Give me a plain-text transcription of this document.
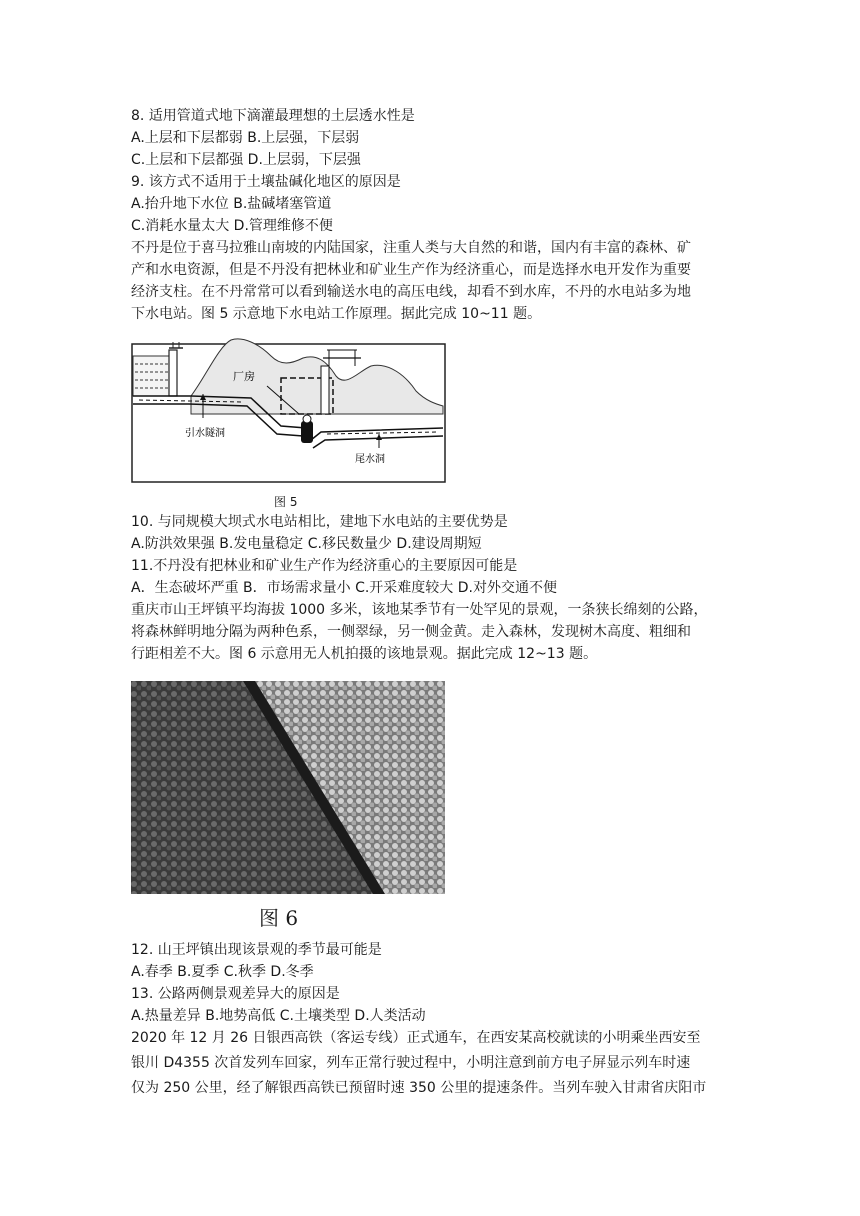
8. 适用管道式地下滴灌最理想的土层透水性是
A.上层和下层都弱 B.上层强，下层弱
C.上层和下层都强 D.上层弱，下层强
9. 该方式不适用于土壤盐碱化地区的原因是
A.抬升地下水位 B.盐碱堵塞管道
C.消耗水量太大 D.管理维修不便
不丹是位于喜马拉雅山南坡的内陆国家，注重人类与大自然的和谐，国内有丰富的森林、矿
产和水电资源，但是不丹没有把林业和矿业生产作为经济重心，而是选择水电开发作为重要
经济支柱。在不丹常常可以看到输送水电的高压电线，却看不到水库，不丹的水电站多为地
下水电站。图 5 示意地下水电站工作原理。据此完成 10~11 题。
厂房
引水隧洞
尾水洞
图 5
10. 与同规模大坝式水电站相比，建地下水电站的主要优势是
A.防洪效果强 B.发电量稳定 C.移民数量少 D.建设周期短
11.不丹没有把林业和矿业生产作为经济重心的主要原因可能是
A．生态破坏严重 B．市场需求量小 C.开采难度较大 D.对外交通不便
重庆市山王坪镇平均海拔 1000 多米，该地某季节有一处罕见的景观，一条狭长绵刻的公路，
将森林鲜明地分隔为两种色系，一侧翠绿，另一侧金黄。走入森林，发现树木高度、粗细和
行距相差不大。图 6 示意用无人机拍摄的该地景观。据此完成 12~13 题。
图 6
12. 山王坪镇出现该景观的季节最可能是
A.春季 B.夏季 C.秋季 D.冬季
13. 公路两侧景观差异大的原因是
A.热量差异 B.地势高低 C.土壤类型 D.人类活动
2020 年 12 月 26 日银西高铁（客运专线）正式通车，在西安某高校就读的小明乘坐西安至
银川 D4355 次首发列车回家，列车正常行驶过程中，小明注意到前方电子屏显示列车时速
仅为 250 公里，经了解银西高铁已预留时速 350 公里的提速条件。当列车驶入甘肃省庆阳市
